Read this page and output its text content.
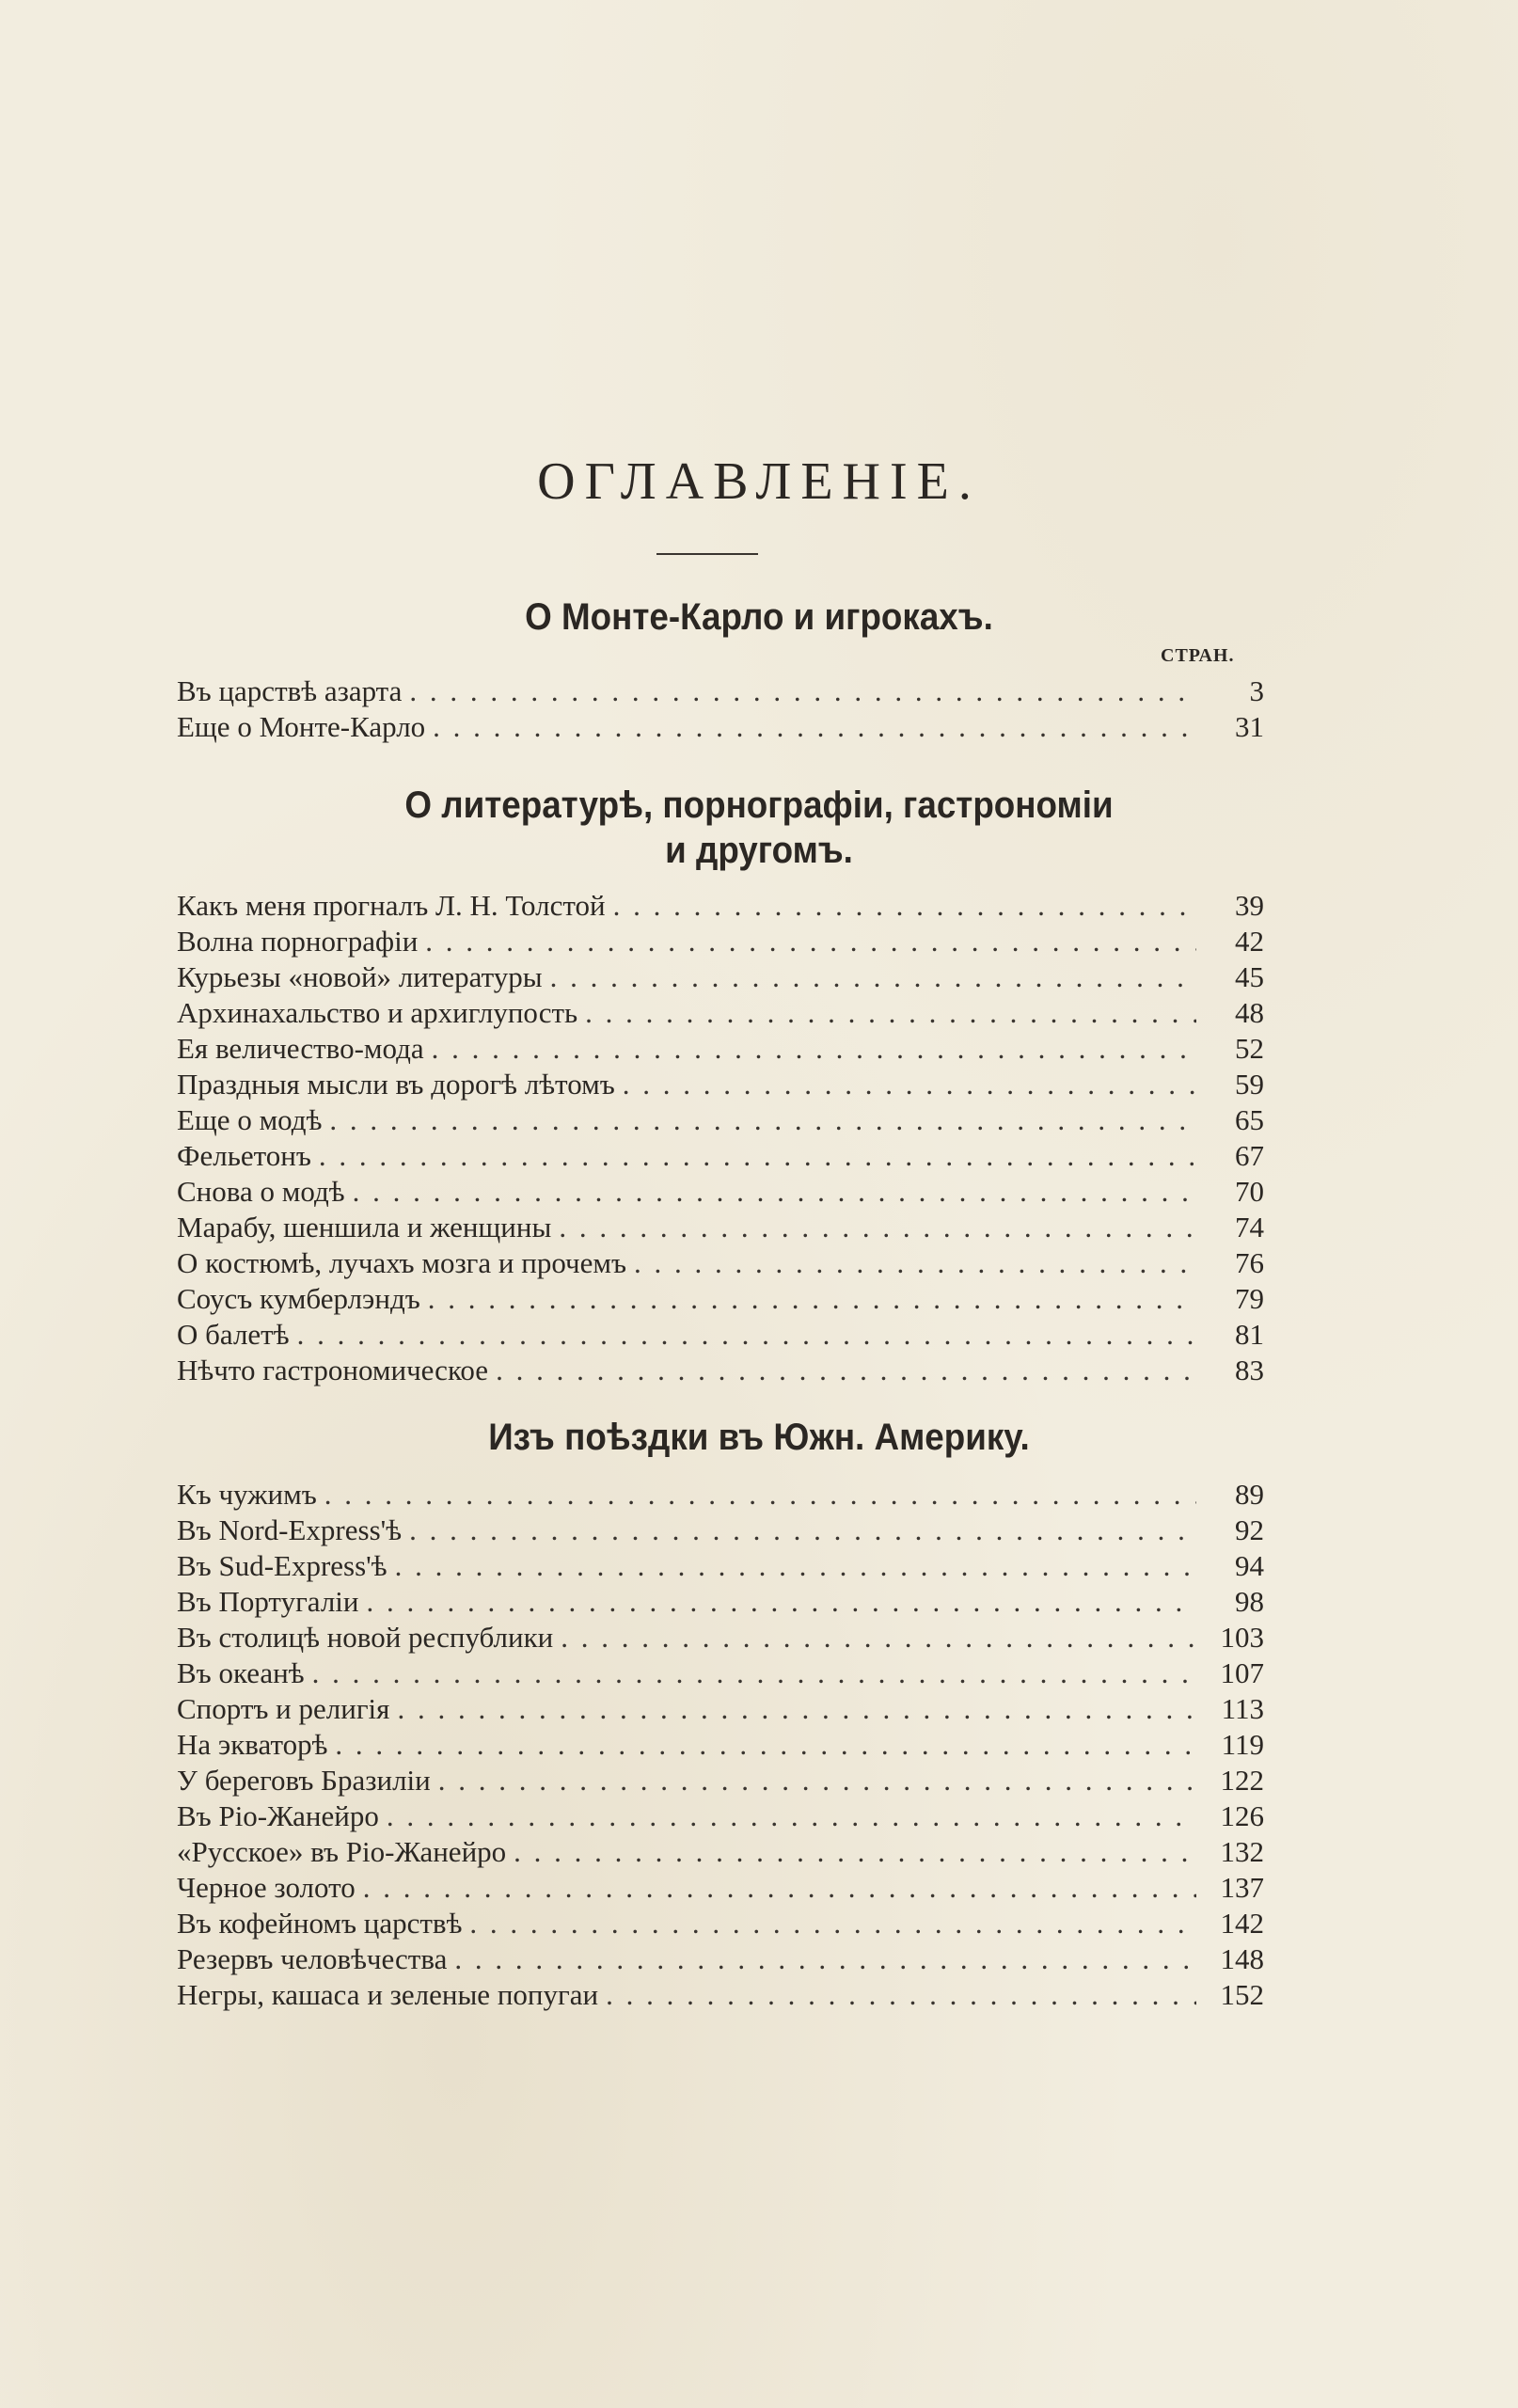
ОГЛАВЛЕНІЕ.
О Монте-Карло и игрокахъ.
СТРАН.
Въ царствѣ азарта . . .	3
Еще о Монте-Карло . . .	31
О литературѣ, порнографіи, гастрономіи
и другомъ.
Какъ меня прогналъ Л. Н. Толстой . . .	39
Волна порнографіи . . .	42
Курьезы «новой» литературы . . .	45
Архинахальство и архиглупость . . .	48
Ея величество-мода . . .	52
Праздныя мысли въ дорогѣ лѣтомъ . . .	59
Еще о модѣ . . .	65
Фельетонъ . . .	67
Снова о модѣ . . .	70
Марабу, шеншила и женщины . . .	74
О костюмѣ, лучахъ мозга и прочемъ . . .	76
Соусъ кумберлэндъ . . .	79
О балетѣ . . .	81
Нѣчто гастрономическое . . .	83
Изъ поѣздки въ Южн. Америку.
Къ чужимъ . . .	89
Въ Nord-Express'ѣ . . .	92
Въ Sud-Express'ѣ . . .	94
Въ Португаліи . . .	98
Въ столицѣ новой республики . . .	103
Въ океанѣ . . .	107
Спортъ и религія . . .	113
На экваторѣ . . .	119
У береговъ Бразиліи . . .	122
Въ Ріо-Жанейро . . .	126
«Русское» въ Ріо-Жанейро . . .	132
Черное золото . . .	137
Въ кофейномъ царствѣ . . .	142
Резервъ человѣчества . . .	148
Негры, кашаса и зеленые попугаи . . .	152
